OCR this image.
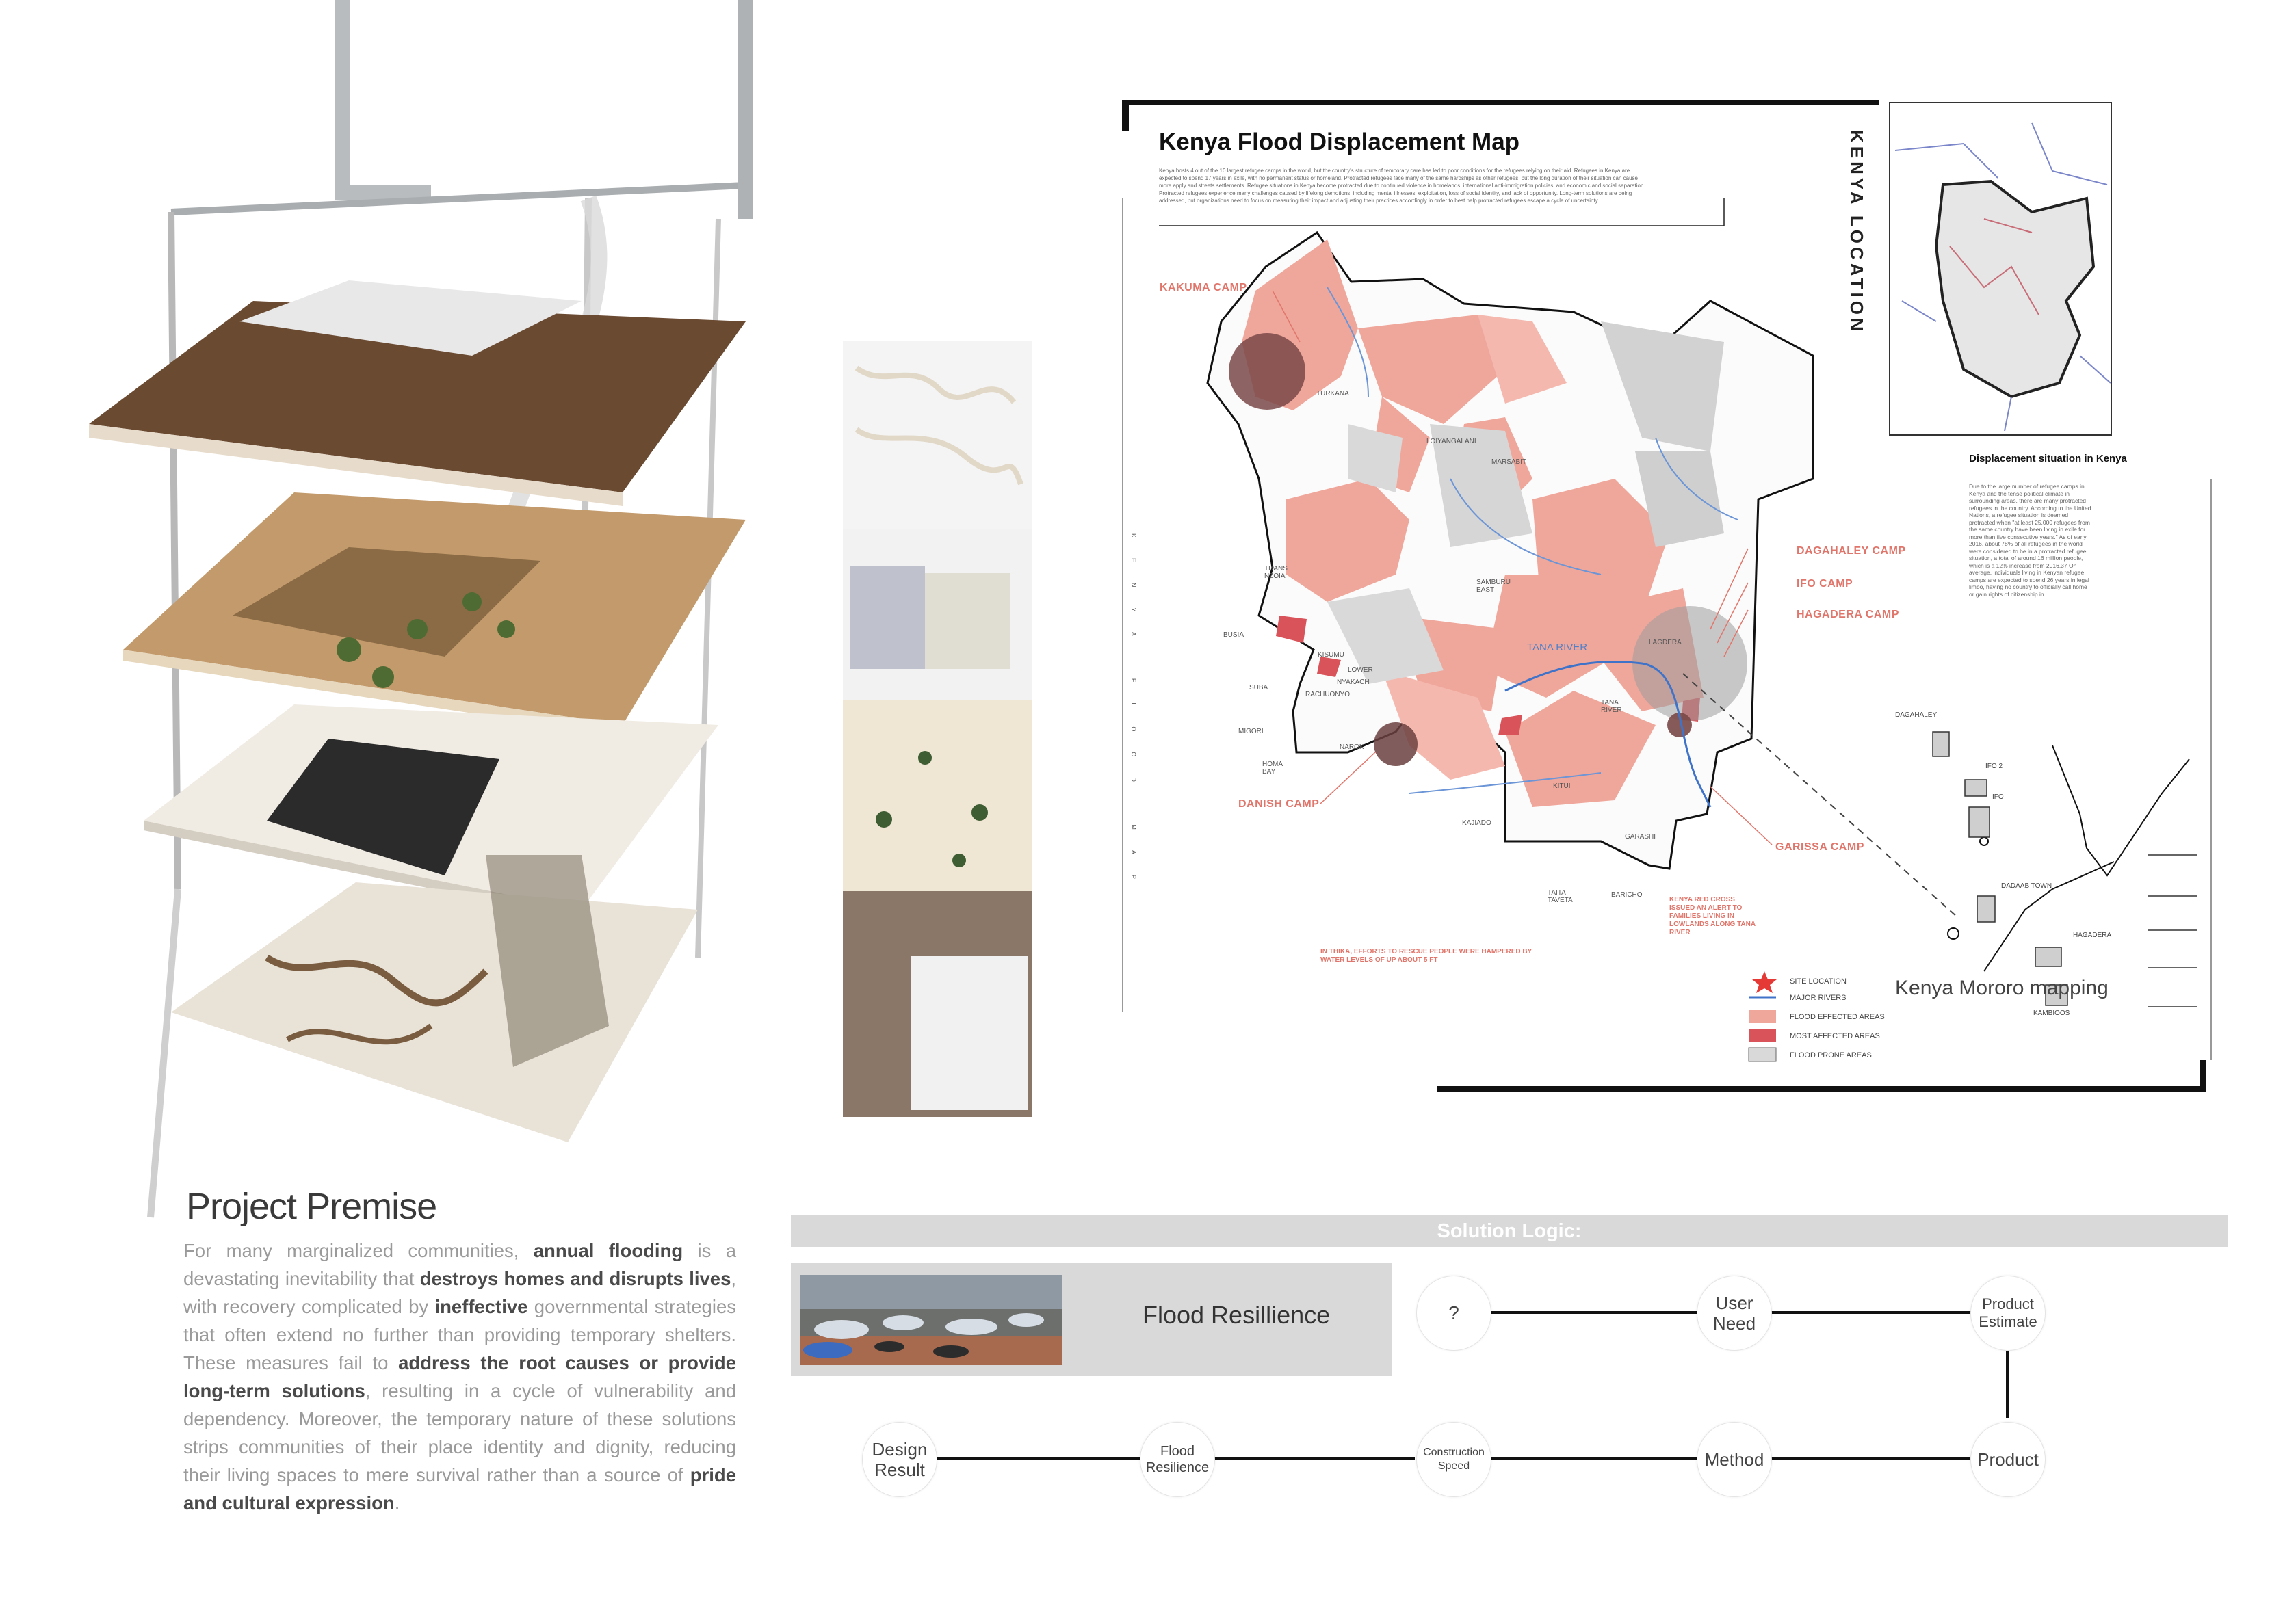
Kenya Flood Displacement Map
Kenya hosts 4 out of the 10 largest refugee camps in the world, but the country's structure of temporary care has led to poor conditions for the refugees relying on their aid. Refugees in Kenya are expected to spend 17 years in exile, with no permanent status or homeland. Protracted refugees face many of the same hardships as other refugees, but the long duration of their situation can cause more apply and streets settlements. Refugee situations in Kenya become protracted due to continued violence in homelands, international anti-immigration policies, and economic and social separation. Protracted refugees experience many challenges caused by lifelong demotions, including mental illnesses, exploitation, loss of social identity, and lack of opportunity. Long-term solutions are being addressed, but organizations need to focus on measuring their impact and adjusting their practices accordingly in order to best help protracted refugees escape a cycle of uncertainty.	KENYA LOCATION
Displacement situation in Kenya
Due to the large number of refugee camps in Kenya and the tense political climate in surrounding areas, there are many protracted refugees in the country. According to the United Nations, a refugee situation is deemed protracted when "at least 25,000 refugees from the same country have been living in exile for more than five consecutive years." As of early 2016, about 78% of all refugees in the world were considered to be in a protracted refugee situation, a total of around 16 million people, which is a 12% increase from 2016.37 On average, individuals living in Kenyan refugee camps are expected to spend 26 years in legal limbo, having no country to officially call home or gain rights of citizenship in.
KAKUMA CAMP
DAGAHALEY CAMP
IFO CAMP
HAGADERA CAMP
DANISH CAMP
GARISSA CAMP
TURKANA
LOIYANGALANI
MARSABIT
TRANS NZOIA
SAMBURU EAST
BUSIA
KISUMU
LOWER
NYAKACH
RACHUONYO
SUBA
MIGORI
HOMA BAY
NAROK
KAJIADO
KITUI
TANA RIVER
LAGDERA
GARASHI
TAITA TAVETA
BARICHO
TANA RIVER
IN THIKA, EFFORTS TO RESCUE PEOPLE WERE HAMPERED BY WATER LEVELS OF UP ABOUT 5 FT
KENYA RED CROSS ISSUED AN ALERT TO FAMILIES LIVING IN LOWLANDS ALONG TANA RIVER
SITE LOCATION
MAJOR RIVERS
FLOOD EFFECTED AREAS
MOST AFFECTED AREAS
FLOOD PRONE AREAS
Kenya Mororo mapping
DAGAHALEY
IFO 2
IFO
DADAAB TOWN
HAGADERA
KAMBIOOS
KENYA FLOOD MAP
Project Premise
For many marginalized communities, annual flooding is a devastating inevitability that destroys homes and disrupts lives, with recovery complicated by ineffective governmental strategies that often extend no further than providing temporary shelters. These measures fail to address the root causes or provide long-term solutions, resulting in a cycle of vulnerability and dependency. Moreover, the temporary nature of these solutions strips communities of their place identity and dignity, reducing their living spaces to mere survival rather than a source of pride and cultural expression.
Solution Logic:
Flood Resillience	?	User Need
Product Estimate
Product
Method
Construction Speed
Flood Resilience
Design Result
